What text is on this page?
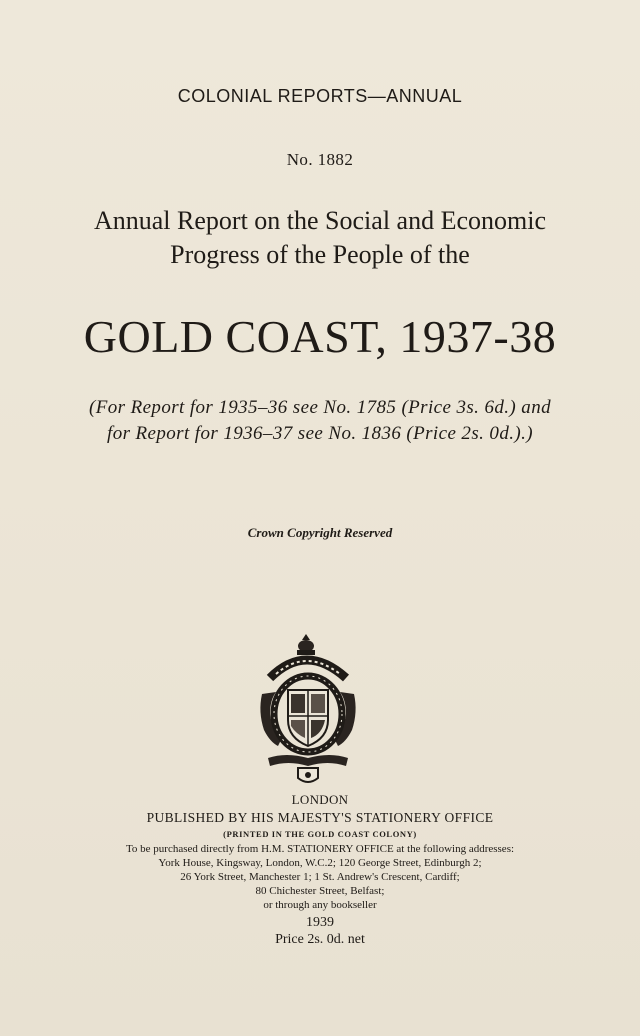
COLONIAL REPORTS—ANNUAL
No. 1882
Annual Report on the Social and Economic
Progress of the People of the
GOLD COAST, 1937-38
(For Report for 1935–36 see No. 1785 (Price 3s. 6d.) and
for Report for 1936–37 see No. 1836 (Price 2s. 0d.).)
Crown Copyright Reserved
LONDON
PUBLISHED BY HIS MAJESTY'S STATIONERY OFFICE
(PRINTED IN THE GOLD COAST COLONY)
To be purchased directly from H.M. STATIONERY OFFICE at the following addresses:
York House, Kingsway, London, W.C.2; 120 George Street, Edinburgh 2;
26 York Street, Manchester 1; 1 St. Andrew's Crescent, Cardiff;
80 Chichester Street, Belfast;
or through any bookseller
1939
Price 2s. 0d. net
